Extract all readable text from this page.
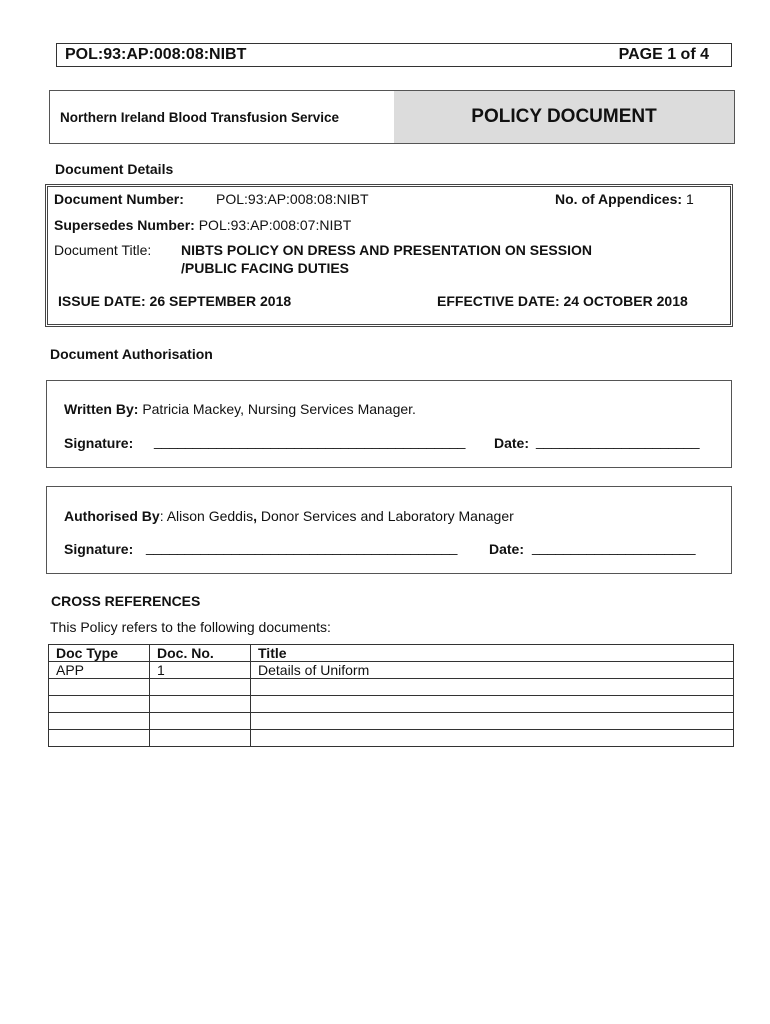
POL:93:AP:008:08:NIBT	PAGE 1 of 4
Northern Ireland Blood Transfusion Service	POLICY DOCUMENT
Document Details
Document Number: POL:93:AP:008:08:NIBT	No. of Appendices: 1
Supersedes Number: POL:93:AP:008:07:NIBT
Document Title: NIBTS POLICY ON DRESS AND PRESENTATION ON SESSION
/PUBLIC FACING DUTIES
ISSUE DATE: 26 SEPTEMBER 2018	EFFECTIVE DATE: 24 OCTOBER 2018
Document Authorisation
Written By: Patricia Mackey, Nursing Services Manager.
Signature: ________________________________________ Date: _____________________
Authorised By: Alison Geddis, Donor Services and Laboratory Manager
Signature: ________________________________________ Date: _____________________
CROSS REFERENCES
This Policy refers to the following documents:
Doc Type	Doc. No.	Title
APP	1	Details of Uniform
